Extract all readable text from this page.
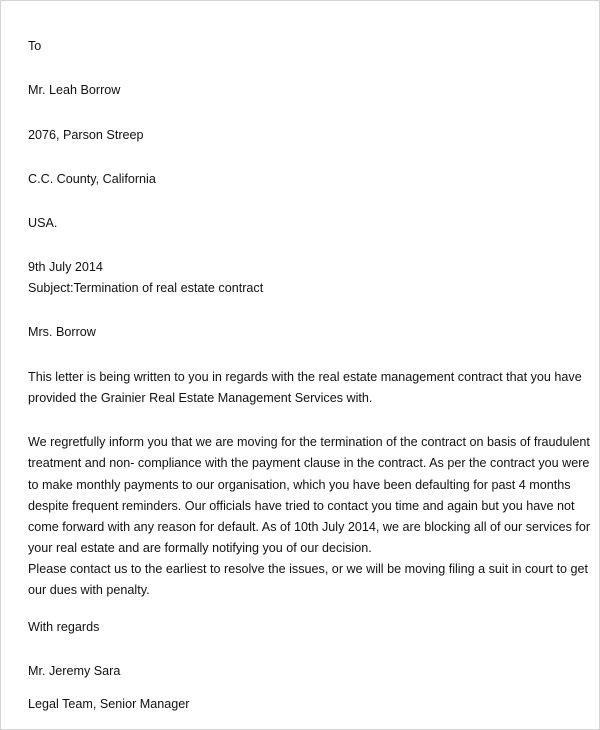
To
Mr. Leah Borrow
2076, Parson Streep
C.C. County, California
USA.
9th July 2014
Subject:Termination of real estate contract
Mrs. Borrow
This letter is being written to you in regards with the real estate management contract that you have
provided the Grainier Real Estate Management Services with.
We regretfully inform you that we are moving for the termination of the contract on basis of fraudulent
treatment and non- compliance with the payment clause in the contract. As per the contract you were
to make monthly payments to our organisation, which you have been defaulting for past 4 months
despite frequent reminders. Our officials have tried to contact you time and again but you have not
come forward with any reason for default. As of 10th July 2014, we are blocking all of our services for
your real estate and are formally notifying you of our decision.
Please contact us to the earliest to resolve the issues, or we will be moving filing a suit in court to get
our dues with penalty.
With regards
Mr. Jeremy Sara
Legal Team, Senior Manager
